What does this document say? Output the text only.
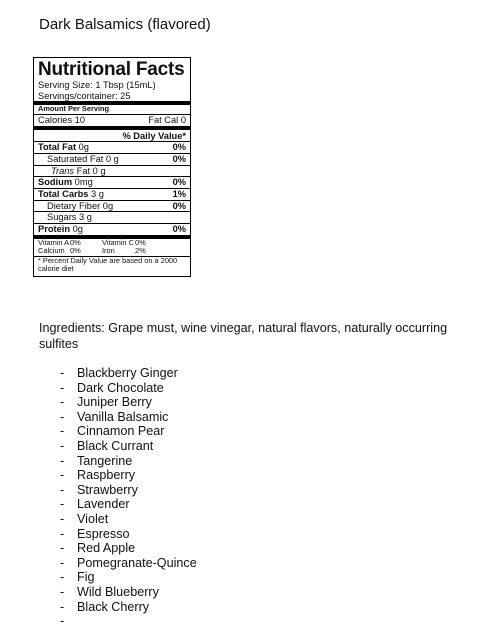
Dark Balsamics (flavored)
Nutritional Facts
Serving Size: 1 Tbsp (15mL)
Servings/container: 25
Amount Per Serving
Calories 10	Fat Cal 0
% Daily Value*
Total Fat 0g	0%
Saturated Fat 0 g	0%
Trans Fat 0 g
Sodium 0mg	0%
Total Carbs 3 g	1%
Dietary Fiber 0g	0%
Sugars 3 g
Protein 0g	0%
Vitamin A 0%	Vitamin C 0%
Calcium 0%	Iron	2%
* Percent Daily Value are based on a 2000 calorie diet
Ingredients: Grape must, wine vinegar, natural flavors, naturally occurring sulfites
-	Blackberry Ginger
-	Dark Chocolate
-	Juniper Berry
-	Vanilla Balsamic
-	Cinnamon Pear
-	Black Currant
-	Tangerine
-	Raspberry
-	Strawberry
-	Lavender
-	Violet
-	Espresso
-	Red Apple
-	Pomegranate-Quince
-	Fig
-	Wild Blueberry
-	Black Cherry
-
